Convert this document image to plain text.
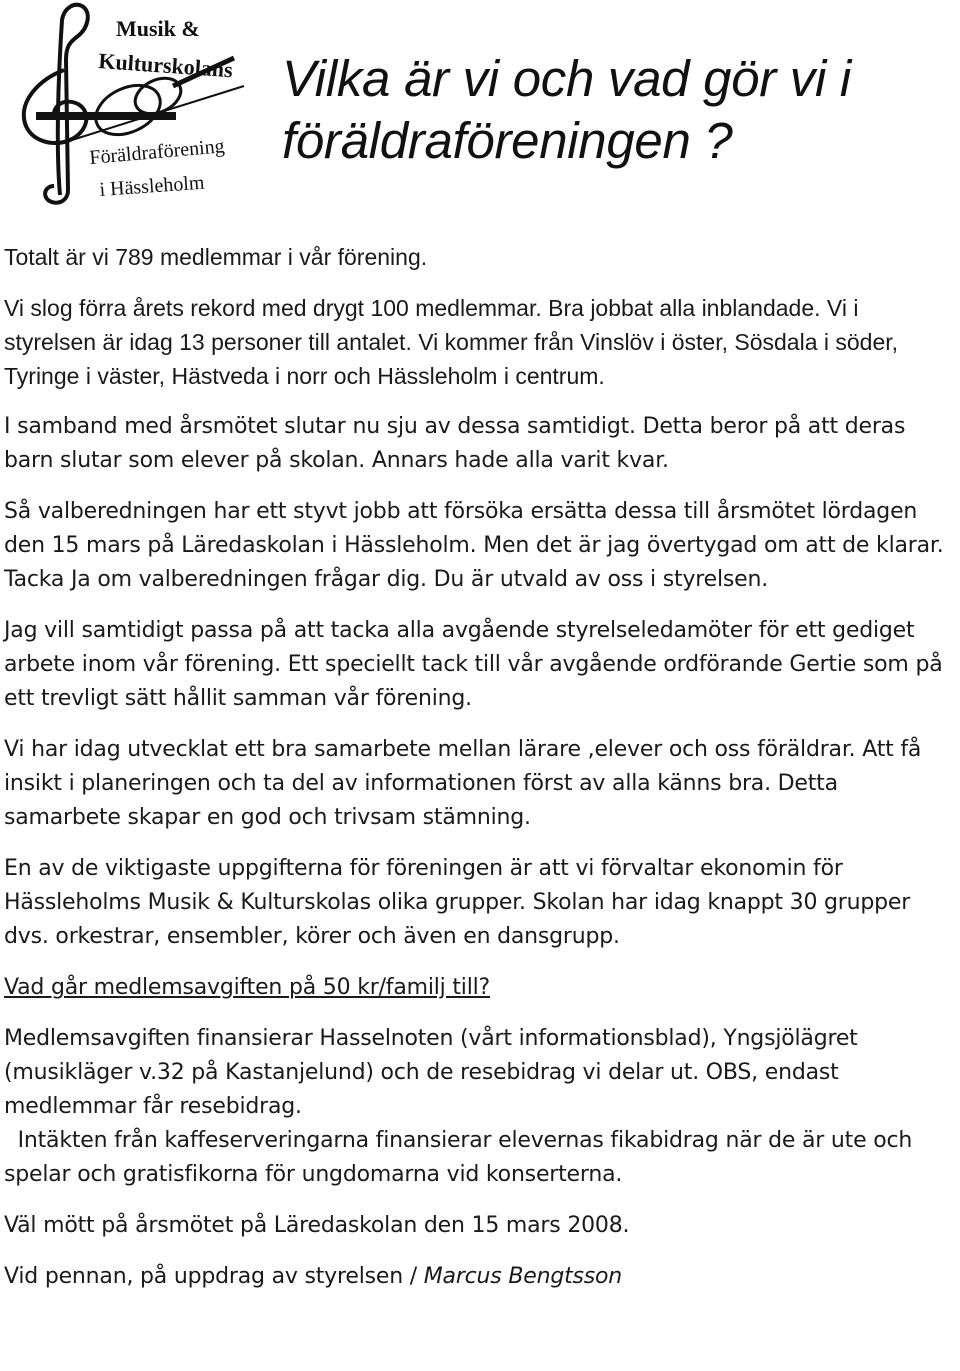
Musik &
Kulturskolans
Föräldraförening
i Hässleholm
Vilka är vi och vad gör vi i föräldraföreningen ?

Totalt är vi 789 medlemmar i vår förening.

Vi slog förra årets rekord med drygt 100 medlemmar. Bra jobbat alla inblandade. Vi i styrelsen är idag 13 personer till antalet. Vi kommer från Vinslöv i öster, Sösdala i söder, Tyringe i väster, Hästveda i norr och Hässleholm i centrum.

I samband med årsmötet slutar nu sju av dessa samtidigt. Detta beror på att deras barn slutar som elever på skolan. Annars hade alla varit kvar.

Så valberedningen har ett styvt jobb att försöka ersätta dessa till årsmötet lördagen den 15 mars på Läredaskolan i Hässleholm. Men det är jag övertygad om att de klarar. Tacka Ja om valberedningen frågar dig. Du är utvald av oss i styrelsen.

Jag vill samtidigt passa på att tacka alla avgående styrelseledamöter för ett gediget arbete inom vår förening. Ett speciellt tack till vår avgående ordförande Gertie som på ett trevligt sätt hållit samman vår förening.

Vi har idag utvecklat ett bra samarbete mellan lärare ,elever och oss föräldrar. Att få insikt i planeringen och ta del av informationen först av alla känns bra. Detta samarbete skapar en god och trivsam stämning.

En av de viktigaste uppgifterna för föreningen är att vi förvaltar ekonomin för Hässleholms Musik & Kulturskolas olika grupper. Skolan har idag knappt 30 grupper dvs. orkestrar, ensembler, körer och även en dansgrupp.

Vad går medlemsavgiften på 50 kr/familj till?

Medlemsavgiften finansierar Hasselnoten (vårt informationsblad), Yngsjölägret (musikläger v.32 på Kastanjelund) och de resebidrag vi delar ut. OBS, endast medlemmar får resebidrag.

Intäkten från kaffeserveringarna finansierar elevernas fikabidrag när de är ute och spelar och gratisfikorna för ungdomarna vid konserterna.

Väl mött på årsmötet på Läredaskolan den 15 mars 2008.

Vid pennan, på uppdrag av styrelsen / Marcus Bengtsson
